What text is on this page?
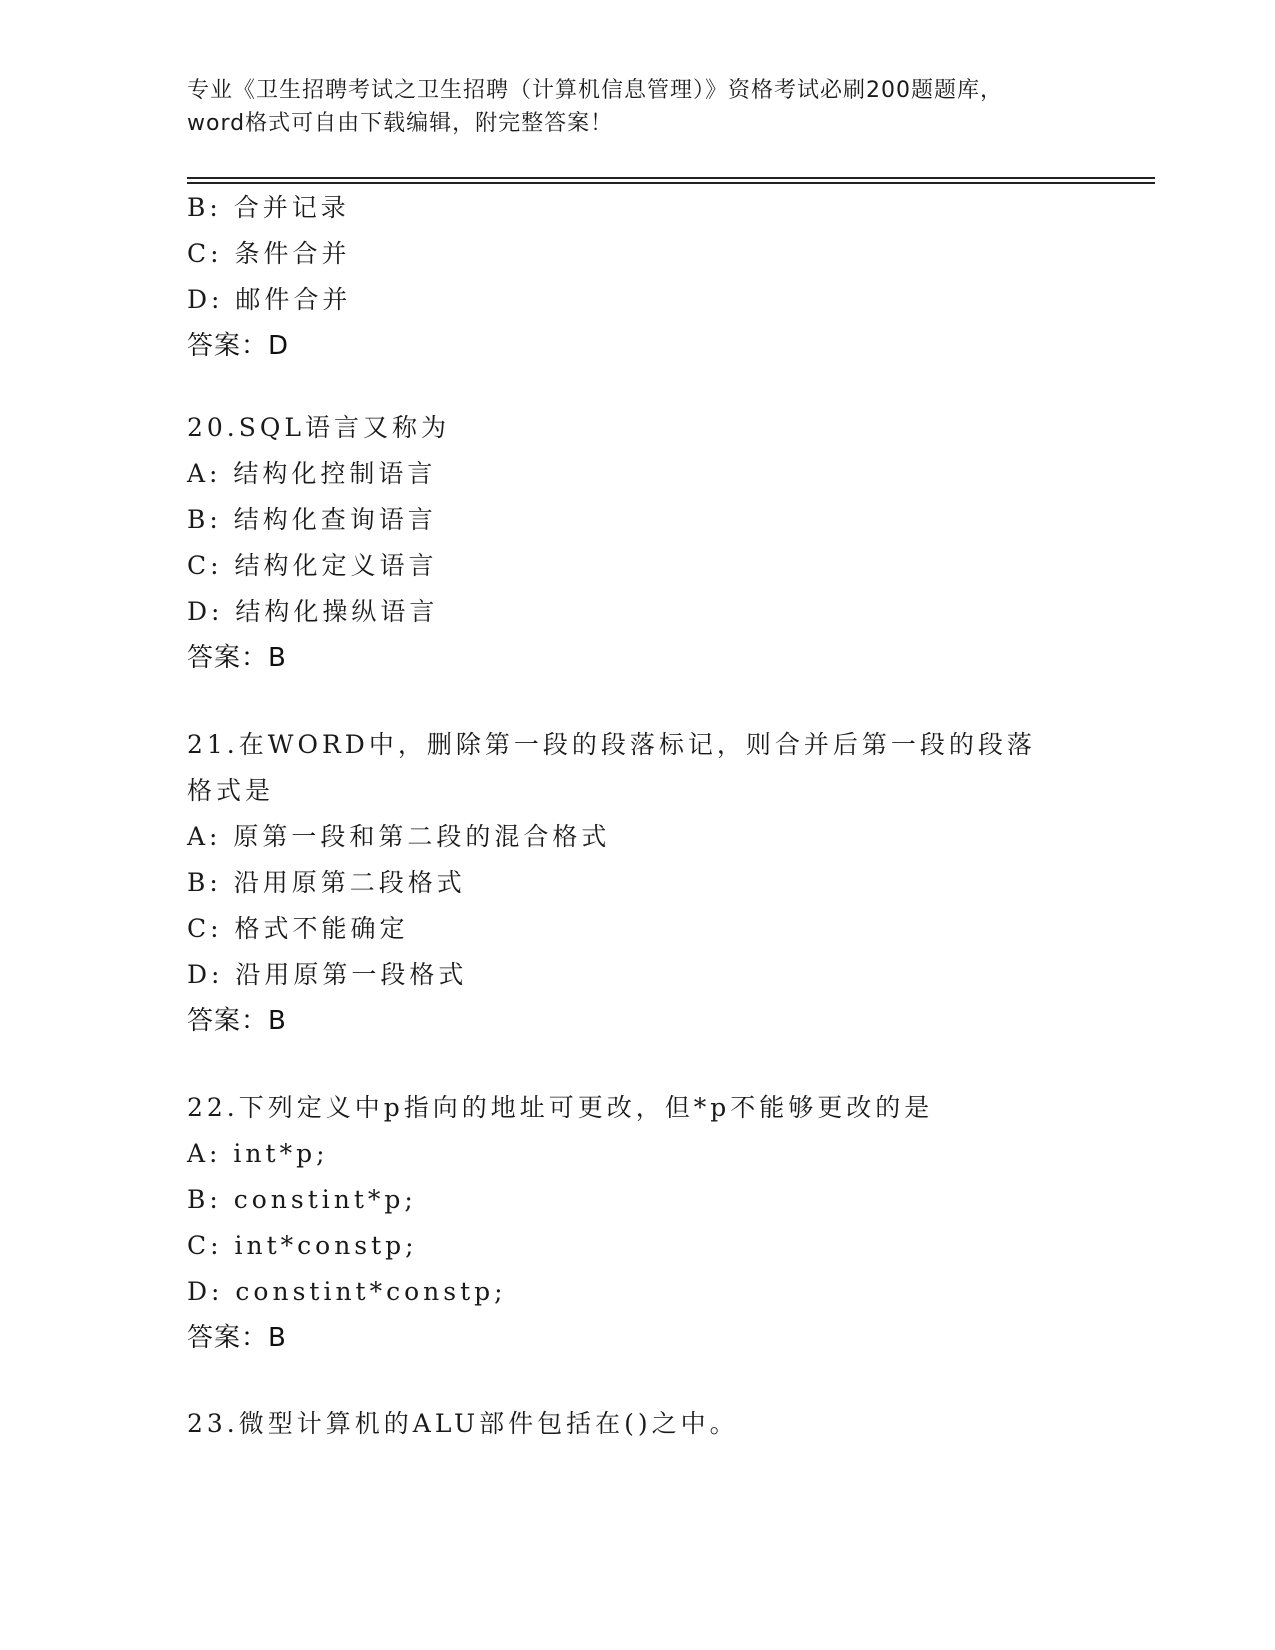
专业《卫生招聘考试之卫生招聘（计算机信息管理）》资格考试必刷200题题库，
word格式可自由下载编辑，附完整答案！
B: 合并记录
C: 条件合并
D: 邮件合并
答案：D
20.SQL语言又称为
A: 结构化控制语言
B: 结构化查询语言
C: 结构化定义语言
D: 结构化操纵语言
答案：B
21.在WORD中，删除第一段的段落标记，则合并后第一段的段落格式是
A: 原第一段和第二段的混合格式
B: 沿用原第二段格式
C: 格式不能确定
D: 沿用原第一段格式
答案：B
22.下列定义中p指向的地址可更改，但*p不能够更改的是
A: int*p;
B: constint*p;
C: int*constp;
D: constint*constp;
答案：B
23.微型计算机的ALU部件包括在()之中。
